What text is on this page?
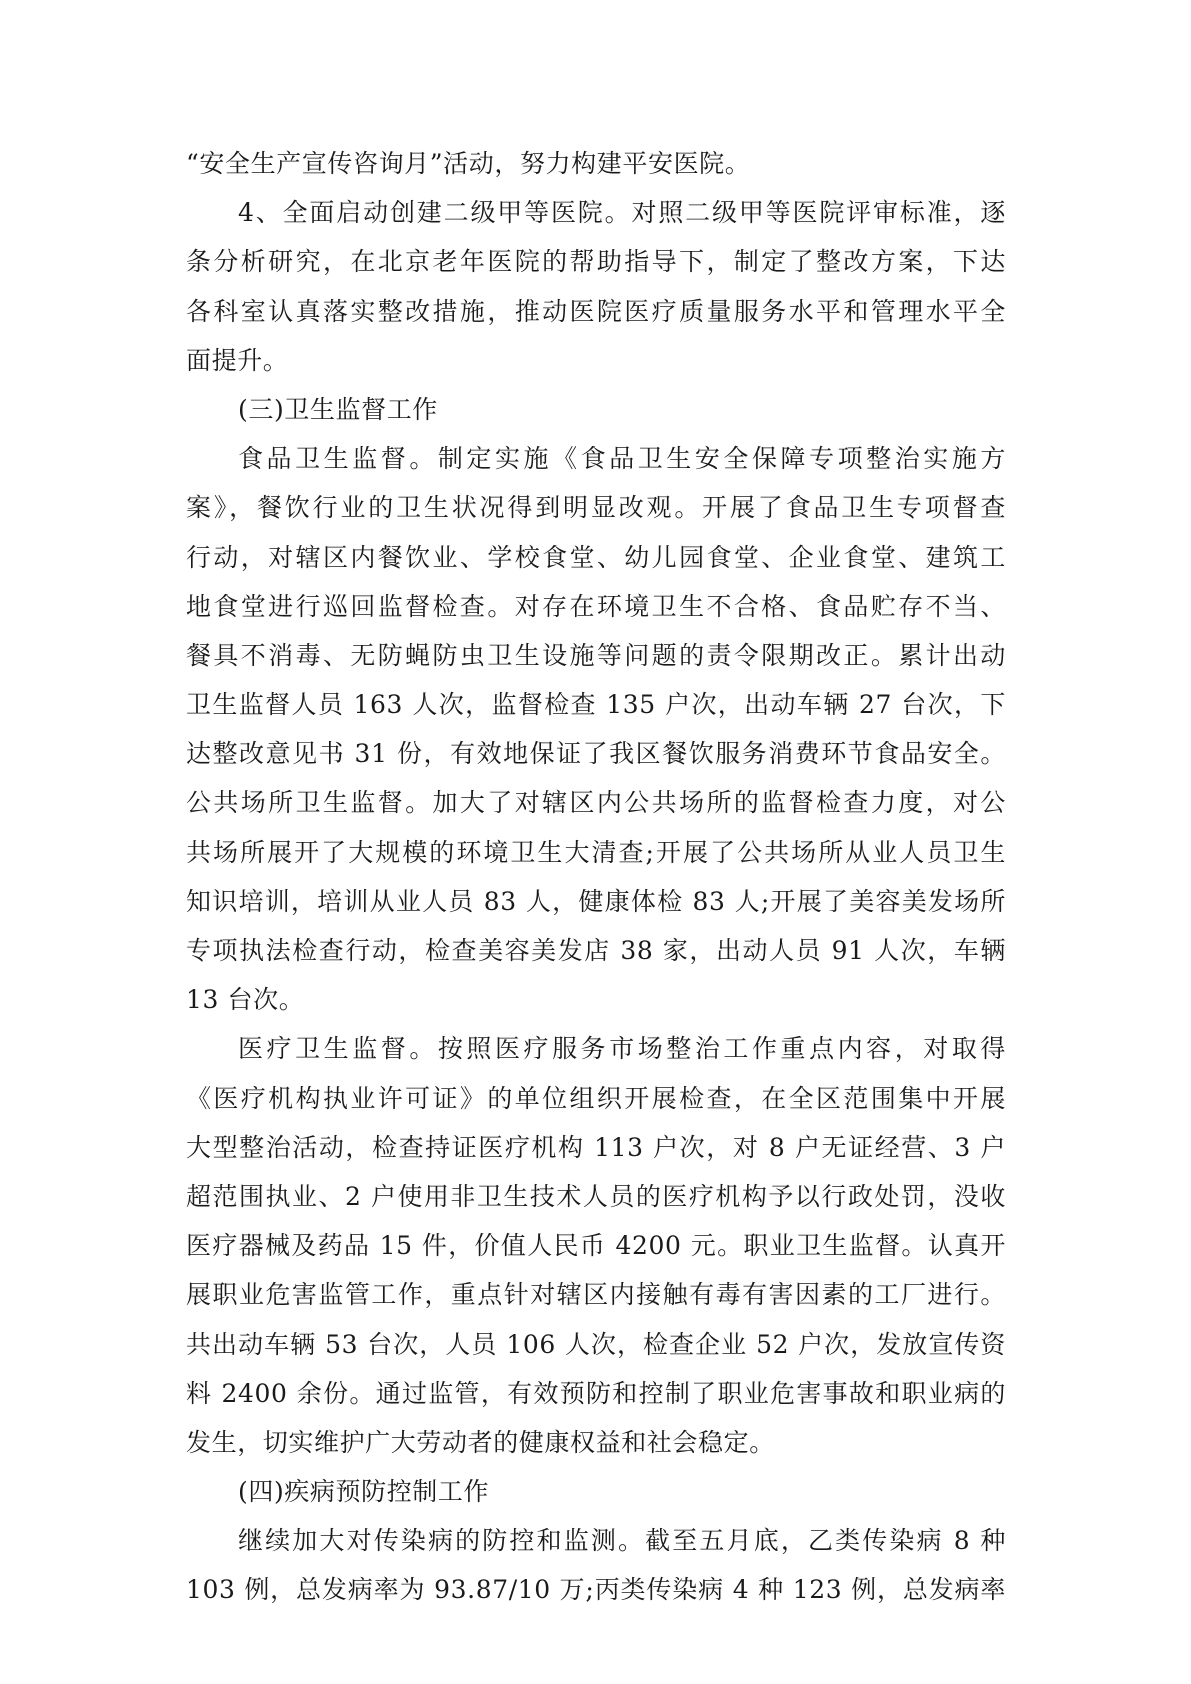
“安全生产宣传咨询月”活动，努力构建平安医院。
4、全面启动创建二级甲等医院。对照二级甲等医院评审标准，逐
条分析研究，在北京老年医院的帮助指导下，制定了整改方案，下达
各科室认真落实整改措施，推动医院医疗质量服务水平和管理水平全
面提升。
(三)卫生监督工作
食品卫生监督。制定实施《食品卫生安全保障专项整治实施方
案》，餐饮行业的卫生状况得到明显改观。开展了食品卫生专项督查
行动，对辖区内餐饮业、学校食堂、幼儿园食堂、企业食堂、建筑工
地食堂进行巡回监督检查。对存在环境卫生不合格、食品贮存不当、
餐具不消毒、无防蝇防虫卫生设施等问题的责令限期改正。累计出动
卫生监督人员 163 人次，监督检查 135 户次，出动车辆 27 台次，下
达整改意见书 31 份，有效地保证了我区餐饮服务消费环节食品安全。
公共场所卫生监督。加大了对辖区内公共场所的监督检查力度，对公
共场所展开了大规模的环境卫生大清查;开展了公共场所从业人员卫生
知识培训，培训从业人员 83 人，健康体检 83 人;开展了美容美发场所
专项执法检查行动，检查美容美发店 38 家，出动人员 91 人次，车辆
13 台次。
医疗卫生监督。按照医疗服务市场整治工作重点内容，对取得
《医疗机构执业许可证》的单位组织开展检查，在全区范围集中开展
大型整治活动，检查持证医疗机构 113 户次，对 8 户无证经营、3 户
超范围执业、2 户使用非卫生技术人员的医疗机构予以行政处罚，没收
医疗器械及药品 15 件，价值人民币 4200 元。职业卫生监督。认真开
展职业危害监管工作，重点针对辖区内接触有毒有害因素的工厂进行。
共出动车辆 53 台次，人员 106 人次，检查企业 52 户次，发放宣传资
料 2400 余份。通过监管，有效预防和控制了职业危害事故和职业病的
发生，切实维护广大劳动者的健康权益和社会稳定。
(四)疾病预防控制工作
继续加大对传染病的防控和监测。截至五月底，乙类传染病 8 种
103 例，总发病率为 93.87/10 万;丙类传染病 4 种 123 例，总发病率
